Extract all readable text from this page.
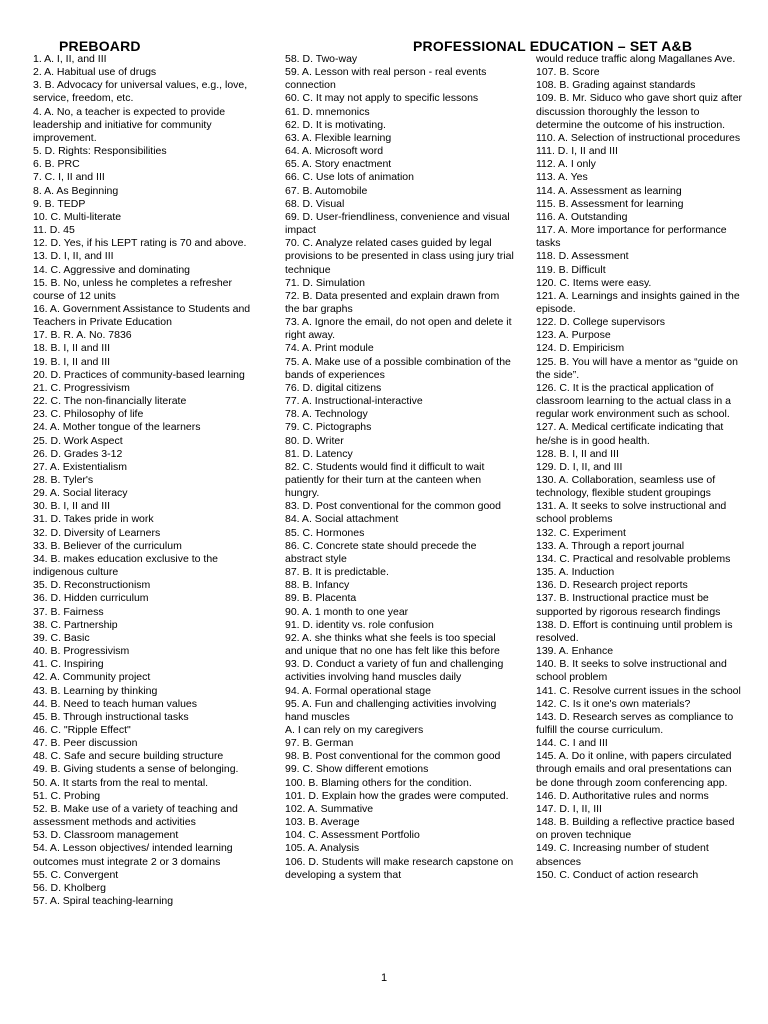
PREBOARD	PROFESSIONAL EDUCATION – SET A&B
1. A. I, II, and III
2. A. Habitual use of drugs
3. B. Advocacy for universal values, e.g., love, service, freedom, etc.
4. A. No, a teacher is expected to provide leadership and initiative for community improvement.
5. D. Rights: Responsibilities
6. B. PRC
7. C. I, II and III
8. A. As Beginning
9. B. TEDP
10. C. Multi-literate
11. D. 45
12. D. Yes, if his LEPT rating is 70 and above.
13. D. I, II, and III
14. C. Aggressive and dominating
15. B. No, unless he completes a refresher course of 12 units
16. A. Government Assistance to Students and Teachers in Private Education
17. B. R. A. No. 7836
18. B. I, II and III
19. B. I, II and III
20. D. Practices of community-based learning
21. C. Progressivism
22. C. The non-financially literate
23. C. Philosophy of life
24. A. Mother tongue of the learners
25. D. Work Aspect
26. D. Grades 3-12
27. A. Existentialism
28. B. Tyler's
29. A. Social literacy
30. B. I, II and III
31. D. Takes pride in work
32. D. Diversity of Learners
33. B. Believer of the curriculum
34. B. makes education exclusive to the indigenous culture
35. D. Reconstructionism
36. D. Hidden curriculum
37. B. Fairness
38. C. Partnership
39. C. Basic
40. B. Progressivism
41. C. Inspiring
42. A. Community project
43. B. Learning by thinking
44. B. Need to teach human values
45. B. Through instructional tasks
46. C. "Ripple Effect"
47. B. Peer discussion
48. C. Safe and secure building structure
49. B. Giving students a sense of belonging.
50. A. It starts from the real to mental.
51. C. Probing
52. B. Make use of a variety of teaching and assessment methods and activities
53. D. Classroom management
54. A. Lesson objectives/ intended learning outcomes must integrate 2 or 3 domains
55. C. Convergent
56. D. Kholberg
57. A. Spiral teaching-learning
58. D. Two-way
59. A. Lesson with real person - real events connection
60. C. It may not apply to specific lessons
61. D. mnemonics
62. D. It is motivating.
63. A. Flexible learning
64. A. Microsoft word
65. A. Story enactment
66. C. Use lots of animation
67. B. Automobile
68. D. Visual
69. D. User-friendliness, convenience and visual impact
70. C. Analyze related cases guided by legal provisions to be presented in class using jury trial technique
71. D. Simulation
72. B. Data presented and explain drawn from the bar graphs
73. A. Ignore the email, do not open and delete it right away.
74. A. Print module
75. A. Make use of a possible combination of the bands of experiences
76. D. digital citizens
77. A. Instructional-interactive
78. A. Technology
79. C. Pictographs
80. D. Writer
81. D. Latency
82. C. Students would find it difficult to wait patiently for their turn at the canteen when hungry.
83. D. Post conventional for the common good
84. A. Social attachment
85. C. Hormones
86. C. Concrete state should precede the abstract style
87. B. It is predictable.
88. B. Infancy
89. B. Placenta
90. A. 1 month to one year
91. D. identity vs. role confusion
92. A. she thinks what she feels is too special and unique that no one has felt like this before
93. D. Conduct a variety of fun and challenging activities involving hand muscles daily
94. A. Formal operational stage
95. A. Fun and challenging activities involving hand muscles
A. I can rely on my caregivers
97. B. German
98. B. Post conventional for the common good
99. C. Show different emotions
100. B. Blaming others for the condition.
101. D. Explain how the grades were computed.
102. A. Summative
103. B. Average
104. C. Assessment Portfolio
105. A. Analysis
106. D. Students will make research capstone on developing a system that
would reduce traffic along Magallanes Ave.
107. B. Score
108. B. Grading against standards
109. B. Mr. Siduco who gave short quiz after discussion thoroughly the lesson to determine the outcome of his instruction.
110. A. Selection of instructional procedures
111. D. I, II and III
112. A. I only
113. A. Yes
114. A. Assessment as learning
115. B. Assessment for learning
116. A. Outstanding
117. A. More importance for performance tasks
118. D. Assessment
119. B. Difficult
120. C. Items were easy.
121. A. Learnings and insights gained in the episode.
122. D. College supervisors
123. A. Purpose
124. D. Empiricism
125. B. You will have a mentor as “guide on the side”.
126. C. It is the practical application of classroom learning to the actual class in a regular work environment such as school.
127. A. Medical certificate indicating that he/she is in good health.
128. B. I, II and III
129. D. I, II, and III
130. A. Collaboration, seamless use of technology, flexible student groupings
131. A. It seeks to solve instructional and school problems
132. C. Experiment
133. A. Through a report journal
134. C. Practical and resolvable problems
135. A. Induction
136. D. Research project reports
137. B. Instructional practice must be supported by rigorous research findings
138. D. Effort is continuing until problem is resolved.
139. A. Enhance
140. B. It seeks to solve instructional and school problem
141. C. Resolve current issues in the school
142. C. Is it one's own materials?
143. D. Research serves as compliance to fulfill the course curriculum.
144. C. I and III
145. A. Do it online, with papers circulated through emails and oral presentations can be done through zoom conferencing app.
146. D. Authoritative rules and norms
147. D. I, II, III
148. B. Building a reflective practice based on proven technique
149. C. Increasing number of student absences
150. C. Conduct of action research
1
